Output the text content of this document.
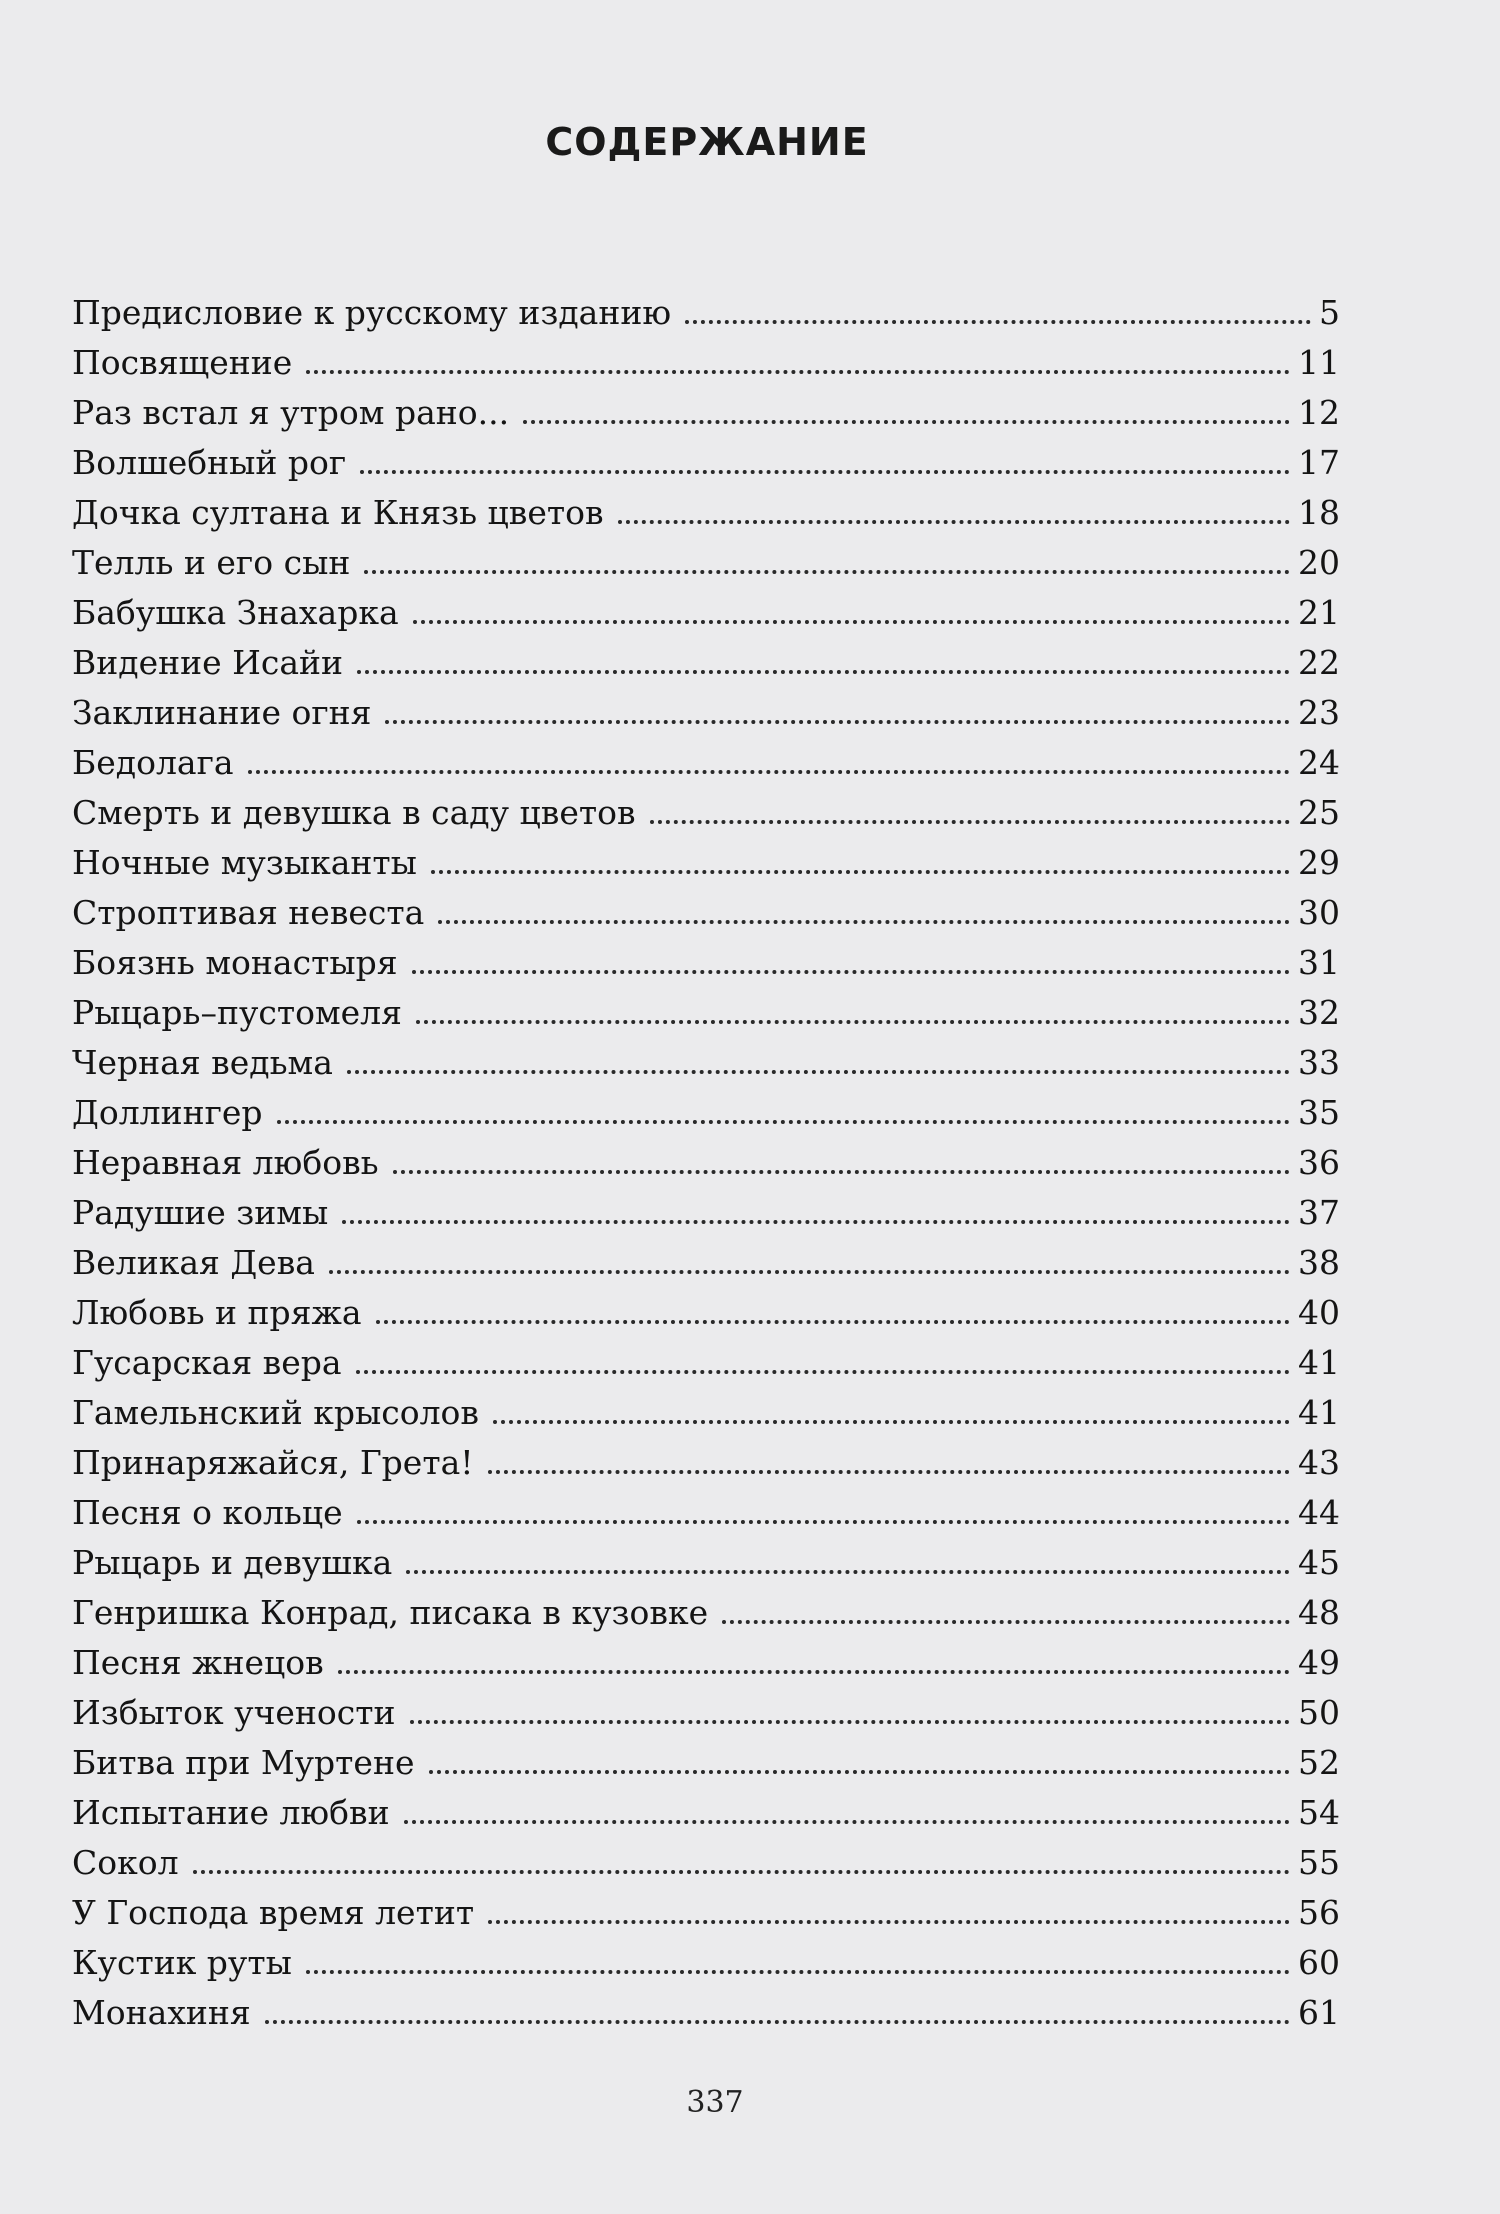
СОДЕРЖАНИЕ
Предисловие к русскому изданию	5
Посвящение	11
Раз встал я утром рано...	12
Волшебный рог	17
Дочка султана и Князь цветов	18
Телль и его сын	20
Бабушка Знахарка	21
Видение Исайи	22
Заклинание огня	23
Бедолага	24
Смерть и девушка в саду цветов	25
Ночные музыканты	29
Строптивая невеста	30
Боязнь монастыря	31
Рыцарь–пустомеля	32
Черная ведьма	33
Доллингер	35
Неравная любовь	36
Радушие зимы	37
Великая Дева	38
Любовь и пряжа	40
Гусарская вера	41
Гамельнский крысолов	41
Принаряжайся, Грета!	43
Песня о кольце	44
Рыцарь и девушка	45
Генришка Конрад, писака в кузовке	48
Песня жнецов	49
Избыток учености	50
Битва при Муртене	52
Испытание любви	54
Сокол	55
У Господа время летит	56
Кустик руты	60
Монахиня	61
337
